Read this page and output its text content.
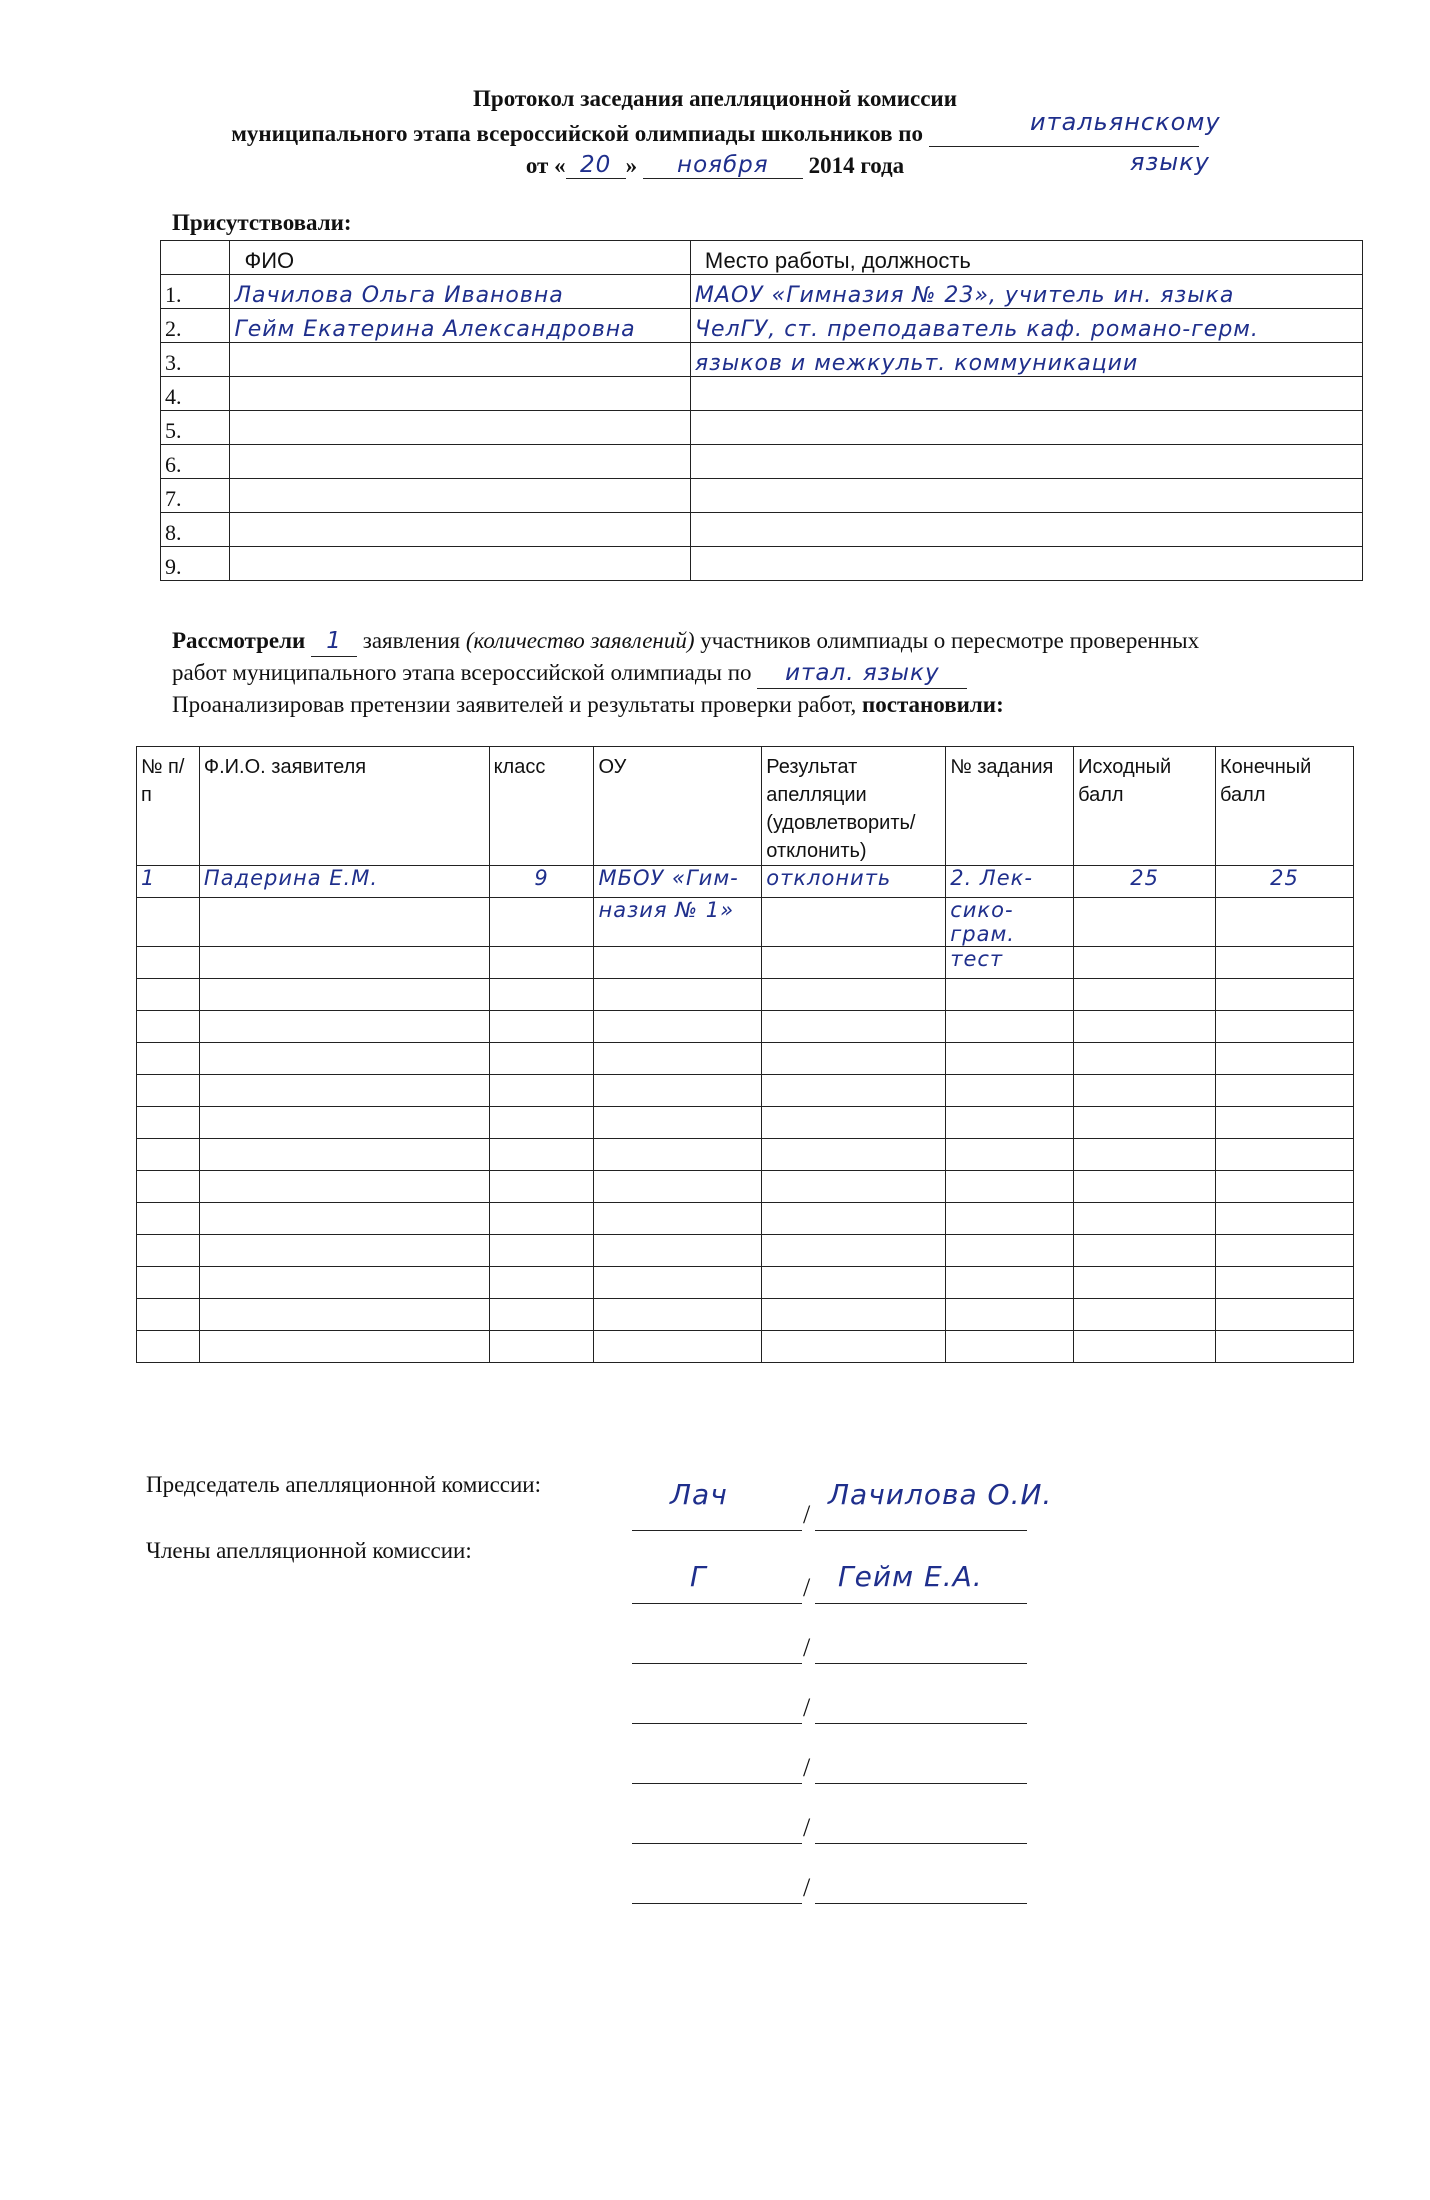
Протокол заседания апелляционной комиссии
муниципального этапа всероссийской олимпиады школьников по	итальянскому
языку
от « 20 » ноября 2014 года
Присутствовали:
	ФИО	Место работы, должность
1.	Лачилова Ольга Ивановна	МАОУ «Гимназия № 23», учитель ин. языка
2.	Гейм Екатерина Александровна	ЧелГУ, ст. преподаватель каф. романо-герм.
3.		языков и межкульт. коммуникации
4.		
5.		
6.		
7.		
8.		
9.		
Рассмотрели 1 заявления (количество заявлений) участников олимпиады о пересмотре проверенных
работ муниципального этапа всероссийской олимпиады по итал. языку
Проанализировав претензии заявителей и результаты проверки работ, постановили:
№ п/п	Ф.И.О. заявителя	класс	ОУ	Результат апелляции (удовлетворить/ отклонить)	№ задания	Исходный балл	Конечный балл
1	Падерина Е.М.	9	МБОУ «Гим-	отклонить	2. Лек-	25	25
			назия № 1»		сико-грам.		
					тест		

Председатель апелляционной комиссии:
Члены апелляционной комиссии:
Лач	Лачилова О.И.
Г	Гейм Е.А.
/
/
/
/
/
/
/
